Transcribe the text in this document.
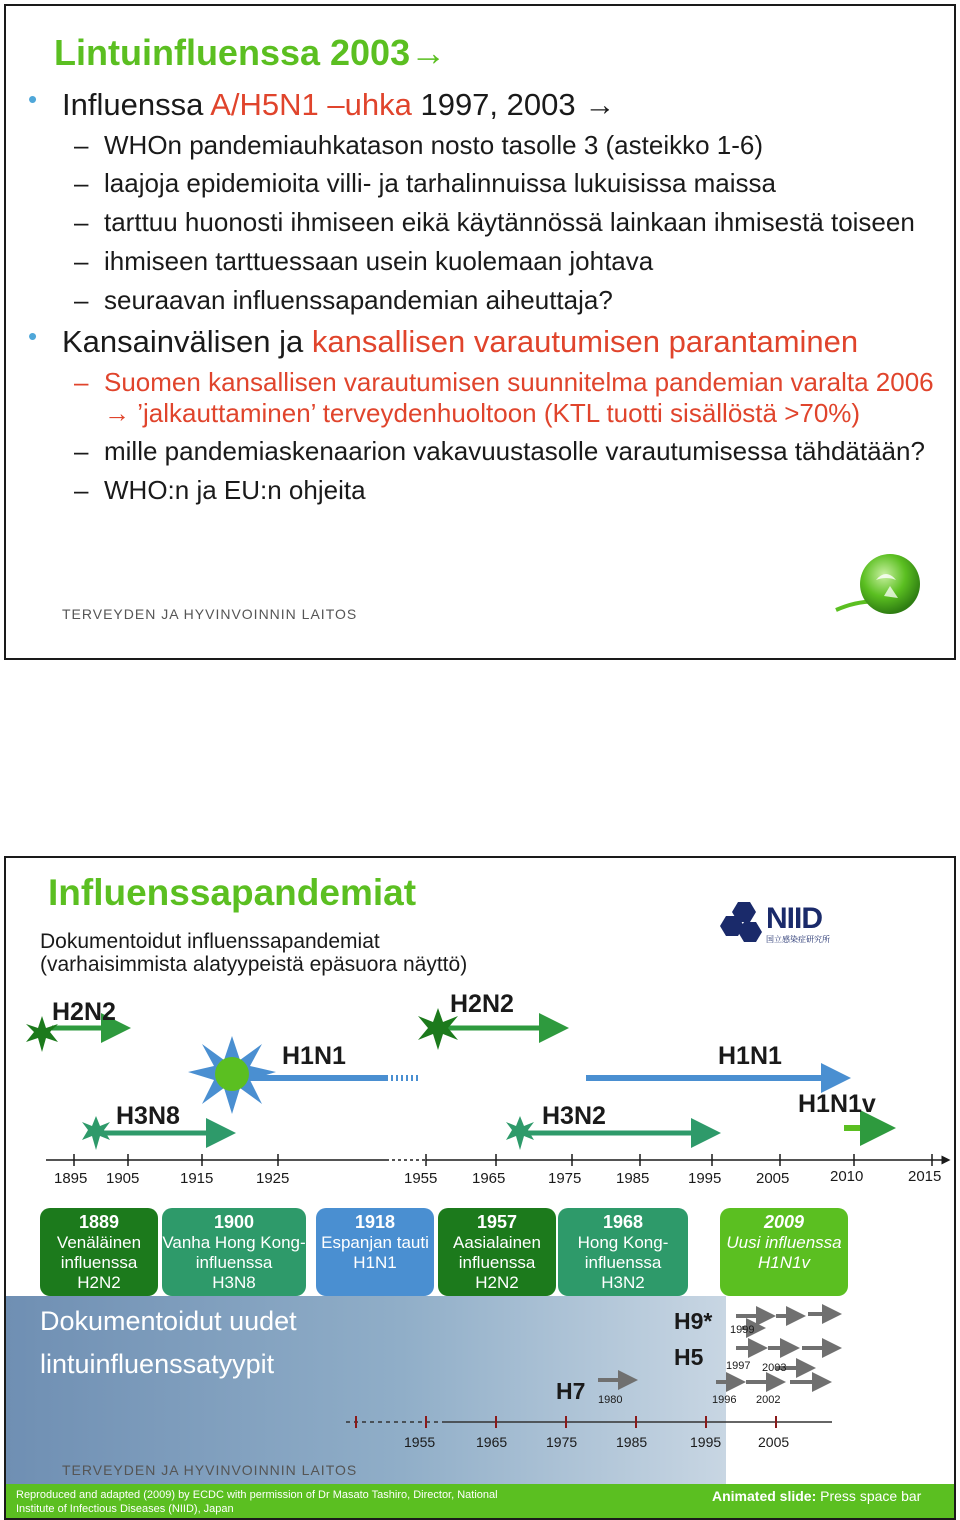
Lintuinfluenssa 2003→
• Influenssa A/H5N1 –uhka 1997, 2003 →
– WHOn pandemiauhkatason nosto tasolle 3 (asteikko 1-6)
– laajoja epidemioita villi- ja tarhalinnuissa lukuisissa maissa
– tarttuu huonosti ihmiseen eikä käytännössä lainkaan ihmisestä toiseen
– ihmiseen tarttuessaan usein kuolemaan johtava
– seuraavan influenssapandemian aiheuttaja?
• Kansainvälisen ja kansallisen varautumisen parantaminen
– Suomen kansallisen varautumisen suunnitelma pandemian varalta 2006 → ’jalkauttaminen’ terveydenhuoltoon (KTL tuotti sisällöstä >70%)
– mille pandemiaskenaarion vakavuustasolle varautumisessa tähdätään?
– WHO:n ja EU:n ohjeita
TERVEYDEN JA HYVINVOINNIN LAITOS
Influenssapandemiat
Dokumentoidut influenssapandemiat
(varhaisimmista alatyypeistä epäsuora näyttö)
NIID
国立感染症研究所
H2N2
H3N8
H1N1
H2N2
H3N2
H1N1
H1N1v
1895 1905	1915	1925	1955 1965	1975 1985	1995 2005	2010	2015
1889
Venäläinen influenssa
H2N2
1900
Vanha Hong Kong-influenssa
H3N8
1918
Espanjan tauti
H1N1
1957
Aasialainen influenssa
H2N2
1968
Hong Kong-influenssa
H3N2
2009
Uusi influenssa
H1N1v
Dokumentoidut uudet
lintuinfluenssatyypit
H9* 1999
H5 1997 2003
1996 2002
H7 1980
1955	1965	1975	1985	1995	2005
TERVEYDEN JA HYVINVOINNIN LAITOS
Reproduced and adapted (2009) by ECDC with permission of Dr Masato Tashiro, Director, National Institute of Infectious Diseases (NIID), Japan
Animated slide: Press space bar
